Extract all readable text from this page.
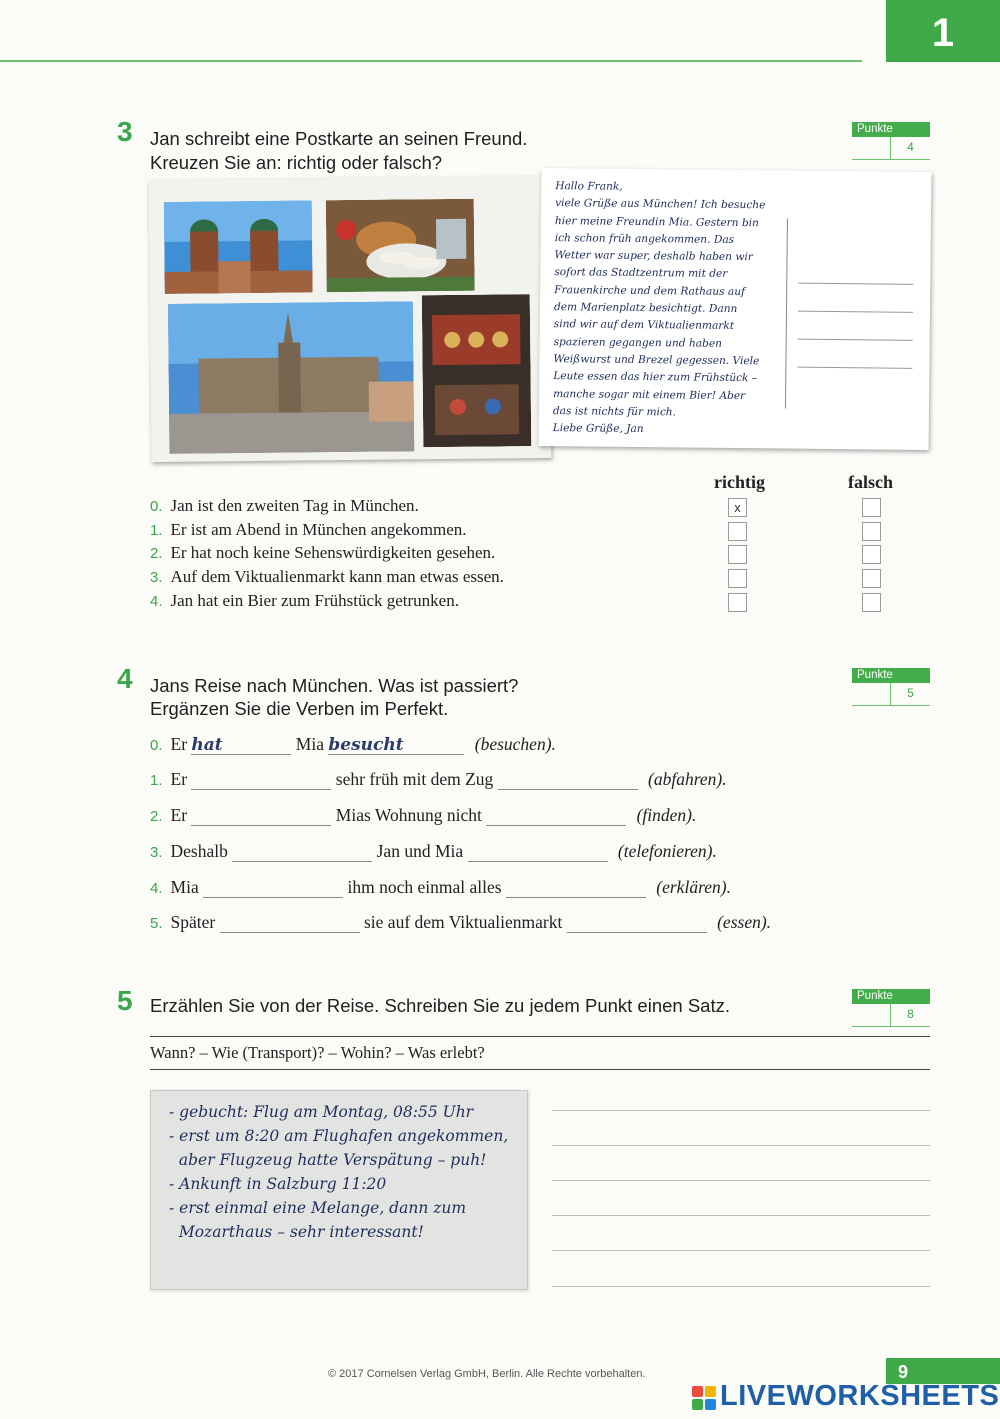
1
3 Jan schreibt eine Postkarte an seinen Freund.
Kreuzen Sie an: richtig oder falsch?
Punkte
4
Hallo Frank,
viele Grüße aus München! Ich besuche
hier meine Freundin Mia. Gestern bin
ich schon früh angekommen. Das
Wetter war super, deshalb haben wir
sofort das Stadtzentrum mit der
Frauenkirche und dem Rathaus auf
dem Marienplatz besichtigt. Dann
sind wir auf dem Viktualienmarkt
spazieren gegangen und haben
Weißwurst und Brezel gegessen. Viele
Leute essen das hier zum Frühstück –
manche sogar mit einem Bier! Aber
das ist nichts für mich.
Liebe Grüße, Jan
richtig	falsch
0. Jan ist den zweiten Tag in München.	x
1. Er ist am Abend in München angekommen.
2. Er hat noch keine Sehenswürdigkeiten gesehen.
3. Auf dem Viktualienmarkt kann man etwas essen.
4. Jan hat ein Bier zum Frühstück getrunken.
4 Jans Reise nach München. Was ist passiert?
Ergänzen Sie die Verben im Perfekt.
Punkte
5
0. Er hat	Mia besucht	(besuchen).
1. Er	sehr früh mit dem Zug	(abfahren).
2. Er	Mias Wohnung nicht	(finden).
3. Deshalb	Jan und Mia	(telefonieren).
4. Mia	ihm noch einmal alles	(erklären).
5. Später	sie auf dem Viktualienmarkt	(essen).
5 Erzählen Sie von der Reise. Schreiben Sie zu jedem Punkt einen Satz.	Punkte
8
Wann? – Wie (Transport)? – Wohin? – Was erlebt?
- gebucht: Flug am Montag, 08:55 Uhr
- erst um 8:20 am Flughafen angekommen,
aber Flugzeug hatte Verspätung – puh!
- Ankunft in Salzburg 11:20
- erst einmal eine Melange, dann zum
Mozarthaus – sehr interessant!
© 2017 Cornelsen Verlag GmbH, Berlin. Alle Rechte vorbehalten.	9
LIVEWORKSHEETS
